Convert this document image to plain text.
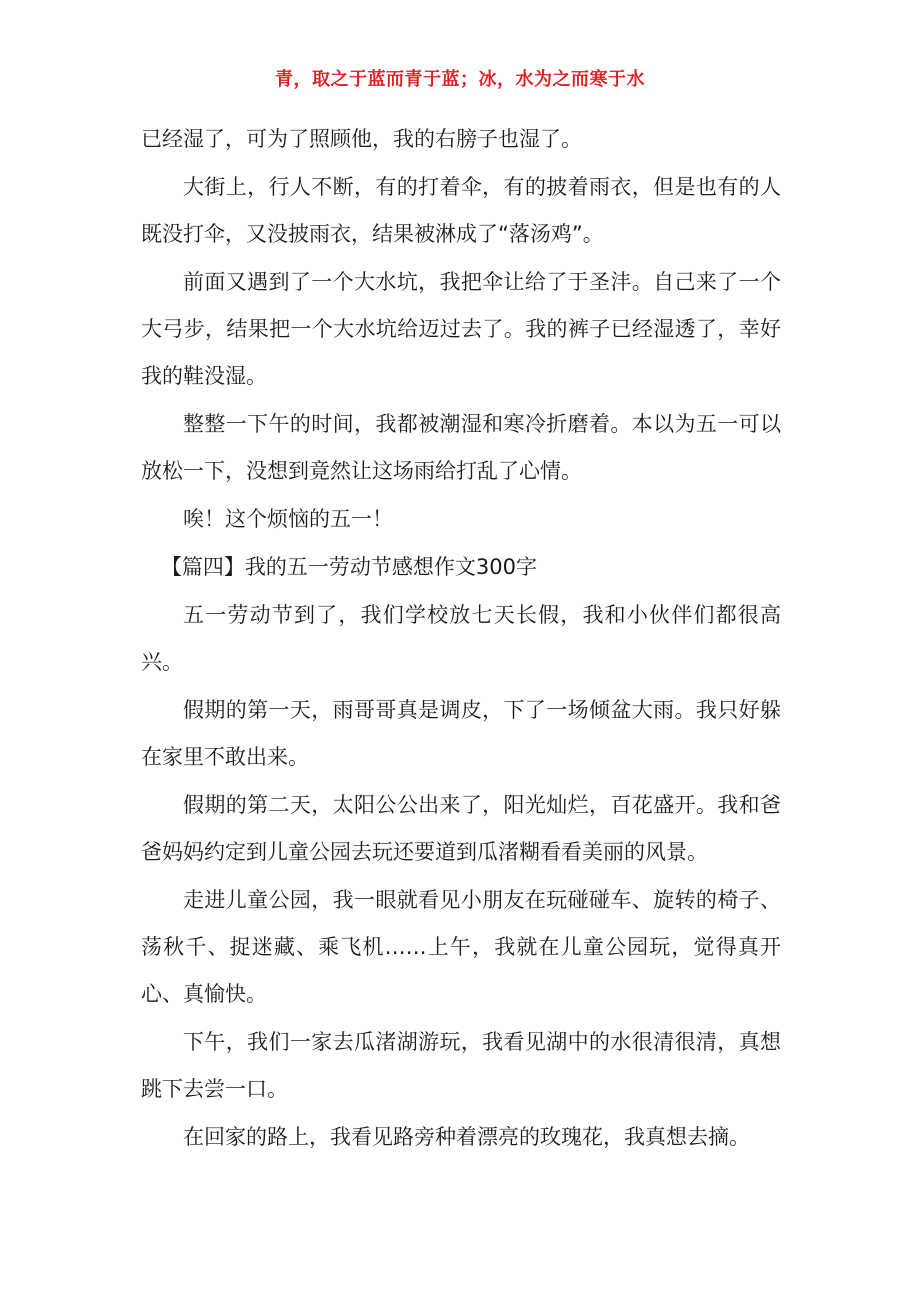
青，取之于蓝而青于蓝；冰，水为之而寒于水

已经湿了，可为了照顾他，我的右膀子也湿了。

大街上，行人不断，有的打着伞，有的披着雨衣，但是也有的人既没打伞，又没披雨衣，结果被淋成了“落汤鸡”。

前面又遇到了一个大水坑，我把伞让给了于圣沣。自己来了一个大弓步，结果把一个大水坑给迈过去了。我的裤子已经湿透了，幸好我的鞋没湿。

整整一下午的时间，我都被潮湿和寒冷折磨着。本以为五一可以放松一下，没想到竟然让这场雨给打乱了心情。

唉！这个烦恼的五一！

【篇四】我的五一劳动节感想作文300字

五一劳动节到了，我们学校放七天长假，我和小伙伴们都很高兴。

假期的第一天，雨哥哥真是调皮，下了一场倾盆大雨。我只好躲在家里不敢出来。

假期的第二天，太阳公公出来了，阳光灿烂，百花盛开。我和爸爸妈妈约定到儿童公园去玩还要道到瓜渚糊看看美丽的风景。

走进儿童公园，我一眼就看见小朋友在玩碰碰车、旋转的椅子、荡秋千、捉迷藏、乘飞机……上午，我就在儿童公园玩，觉得真开心、真愉快。

下午，我们一家去瓜渚湖游玩，我看见湖中的水很清很清，真想跳下去尝一口。

在回家的路上，我看见路旁种着漂亮的玫瑰花，我真想去摘。
